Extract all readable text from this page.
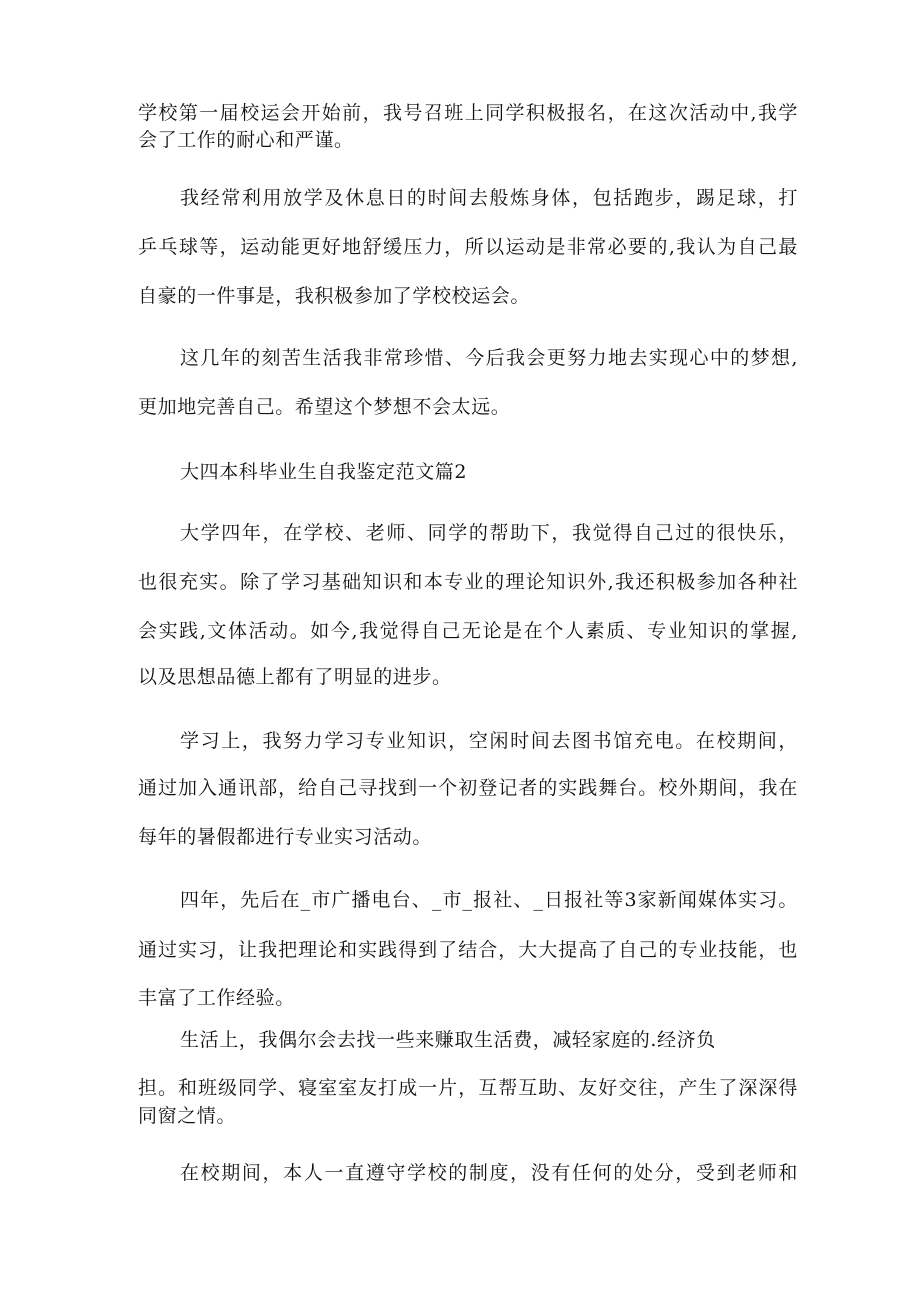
学校第一届校运会开始前，我号召班上同学积极报名，在这次活动中,我学
会了工作的耐心和严谨。
我经常利用放学及休息日的时间去般炼身体，包括跑步，踢足球，打
乒乓球等，运动能更好地舒缓压力，所以运动是非常必要的,我认为自己最
自豪的一件事是，我积极参加了学校校运会。
这几年的刻苦生活我非常珍惜、今后我会更努力地去实现心中的梦想,
更加地完善自己。希望这个梦想不会太远。
大四本科毕业生自我鉴定范文篇2
大学四年，在学校、老师、同学的帮助下，我觉得自己过的很快乐，
也很充实。除了学习基础知识和本专业的理论知识外,我还积极参加各种社
会实践,文体活动。如今,我觉得自己无论是在个人素质、专业知识的掌握,
以及思想品德上都有了明显的进步。
学习上，我努力学习专业知识，空闲时间去图书馆充电。在校期间，
通过加入通讯部，给自己寻找到一个初登记者的实践舞台。校外期间，我在
每年的暑假都进行专业实习活动。
四年，先后在_市广播电台、_市_报社、_日报社等3家新闻媒体实习。
通过实习，让我把理论和实践得到了结合，大大提高了自己的专业技能，也
丰富了工作经验。
生活上，我偶尔会去找一些来赚取生活费，减轻家庭的.经济负
担。和班级同学、寝室室友打成一片，互帮互助、友好交往，产生了深深得
同窗之情。
在校期间，本人一直遵守学校的制度，没有任何的处分，受到老师和
